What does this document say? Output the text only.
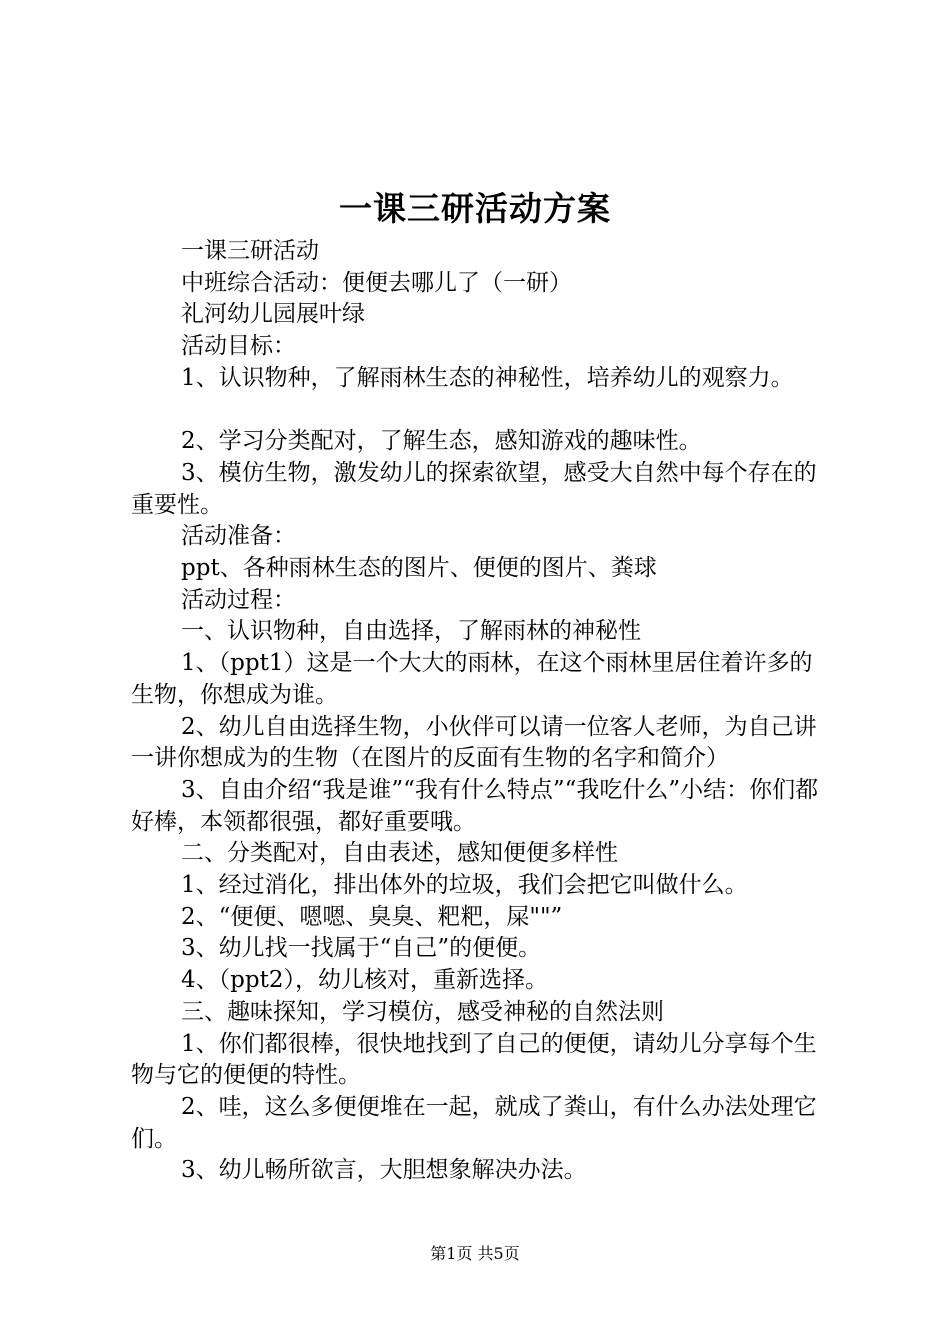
一课三研活动方案

一课三研活动

中班综合活动：便便去哪儿了（一研）

礼河幼儿园展叶绿

活动目标：

1、认识物种，了解雨林生态的神秘性，培养幼儿的观察力。

2、学习分类配对，了解生态，感知游戏的趣味性。

3、模仿生物，激发幼儿的探索欲望，感受大自然中每个存在的重要性。

活动准备：

ppt、各种雨林生态的图片、便便的图片、粪球

活动过程：

一、认识物种，自由选择，了解雨林的神秘性

1、（ppt1）这是一个大大的雨林，在这个雨林里居住着许多的生物，你想成为谁。

2、幼儿自由选择生物，小伙伴可以请一位客人老师，为自己讲一讲你想成为的生物（在图片的反面有生物的名字和简介）

3、自由介绍“我是谁”“我有什么特点”“我吃什么”小结：你们都好棒，本领都很强，都好重要哦。

二、分类配对，自由表述，感知便便多样性

1、经过消化，排出体外的垃圾，我们会把它叫做什么。

2、“便便、嗯嗯、臭臭、粑粑，屎""”

3、幼儿找一找属于“自己”的便便。

4、（ppt2），幼儿核对，重新选择。

三、趣味探知，学习模仿，感受神秘的自然法则

1、你们都很棒，很快地找到了自己的便便，请幼儿分享每个生物与它的便便的特性。

2、哇，这么多便便堆在一起，就成了粪山，有什么办法处理它们。

3、幼儿畅所欲言，大胆想象解决办法。

第1页 共5页
